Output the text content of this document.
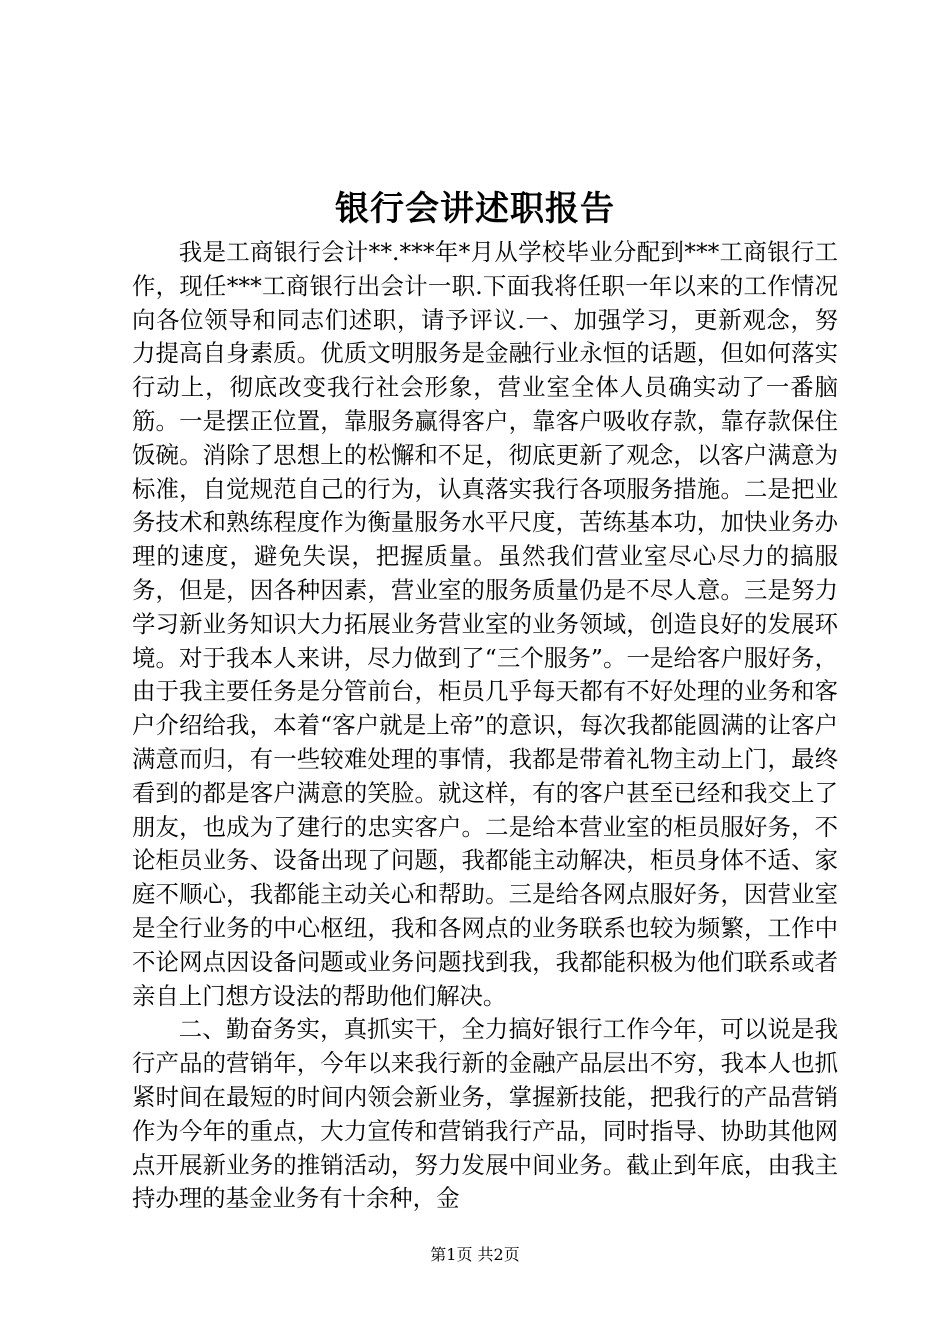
银行会讲述职报告

我是工商银行会计**.***年*月从学校毕业分配到***工商银行工作，现任***工商银行出会计一职.下面我将任职一年以来的工作情况向各位领导和同志们述职，请予评议.一、加强学习，更新观念，努力提高自身素质。优质文明服务是金融行业永恒的话题，但如何落实行动上，彻底改变我行社会形象，营业室全体人员确实动了一番脑筋。一是摆正位置，靠服务赢得客户，靠客户吸收存款，靠存款保住饭碗。消除了思想上的松懈和不足，彻底更新了观念，以客户满意为标准，自觉规范自己的行为，认真落实我行各项服务措施。二是把业务技术和熟练程度作为衡量服务水平尺度，苦练基本功，加快业务办理的速度，避免失误，把握质量。虽然我们营业室尽心尽力的搞服务，但是，因各种因素，营业室的服务质量仍是不尽人意。三是努力学习新业务知识大力拓展业务营业室的业务领域，创造良好的发展环境。对于我本人来讲，尽力做到了“三个服务”。一是给客户服好务，由于我主要任务是分管前台，柜员几乎每天都有不好处理的业务和客户介绍给我，本着“客户就是上帝”的意识，每次我都能圆满的让客户满意而归，有一些较难处理的事情，我都是带着礼物主动上门，最终看到的都是客户满意的笑脸。就这样，有的客户甚至已经和我交上了朋友，也成为了建行的忠实客户。二是给本营业室的柜员服好务，不论柜员业务、设备出现了问题，我都能主动解决，柜员身体不适、家庭不顺心，我都能主动关心和帮助。三是给各网点服好务，因营业室是全行业务的中心枢纽，我和各网点的业务联系也较为频繁，工作中不论网点因设备问题或业务问题找到我，我都能积极为他们联系或者亲自上门想方设法的帮助他们解决。

二、勤奋务实，真抓实干，全力搞好银行工作今年，可以说是我行产品的营销年，今年以来我行新的金融产品层出不穷，我本人也抓紧时间在最短的时间内领会新业务，掌握新技能，把我行的产品营销作为今年的重点，大力宣传和营销我行产品，同时指导、协助其他网点开展新业务的推销活动，努力发展中间业务。截止到年底，由我主持办理的基金业务有十余种，金

第1页 共2页
